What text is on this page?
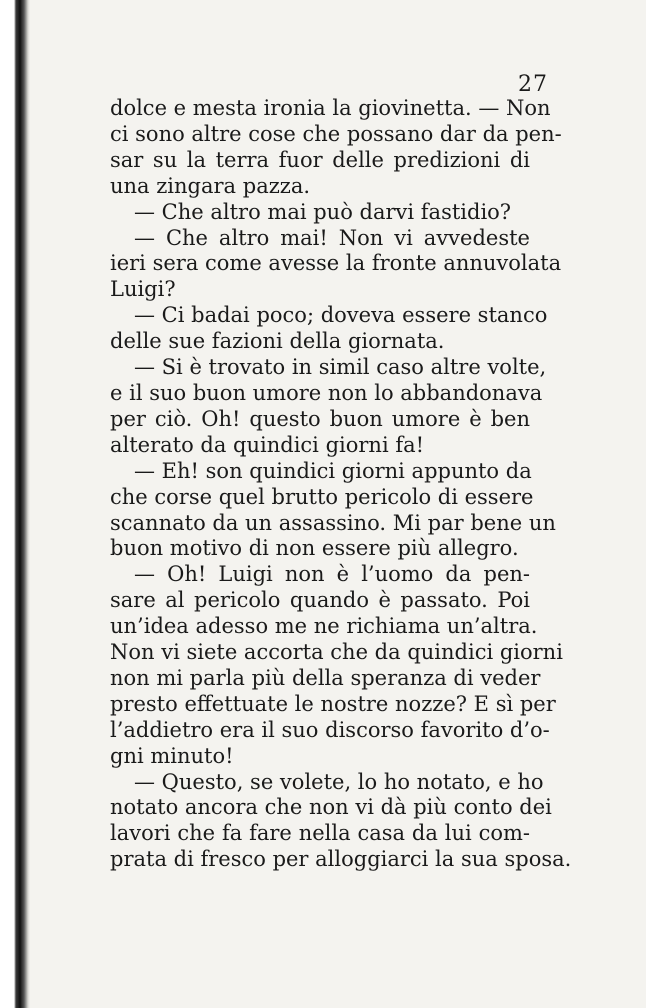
27
dolce e mesta ironia la giovinetta. — Non
ci sono altre cose che possano dar da pen-
sar su la terra fuor delle predizioni di
una zingara pazza.
— Che altro mai può darvi fastidio?
— Che altro mai! Non vi avvedeste
ieri sera come avesse la fronte annuvolata
Luigi?
— Ci badai poco; doveva essere stanco
delle sue fazioni della giornata.
— Si è trovato in simil caso altre volte,
e il suo buon umore non lo abbandonava
per ciò. Oh! questo buon umore è ben
alterato da quindici giorni fa!
— Eh! son quindici giorni appunto da
che corse quel brutto pericolo di essere
scannato da un assassino. Mi par bene un
buon motivo di non essere più allegro.
— Oh! Luigi non è l’uomo da pen-
sare al pericolo quando è passato. Poi
un’idea adesso me ne richiama un’altra.
Non vi siete accorta che da quindici giorni
non mi parla più della speranza di veder
presto effettuate le nostre nozze? E sì per
l’addietro era il suo discorso favorito d’o-
gni minuto!
— Questo, se volete, lo ho notato, e ho
notato ancora che non vi dà più conto dei
lavori che fa fare nella casa da lui com-
prata di fresco per alloggiarci la sua sposa.
